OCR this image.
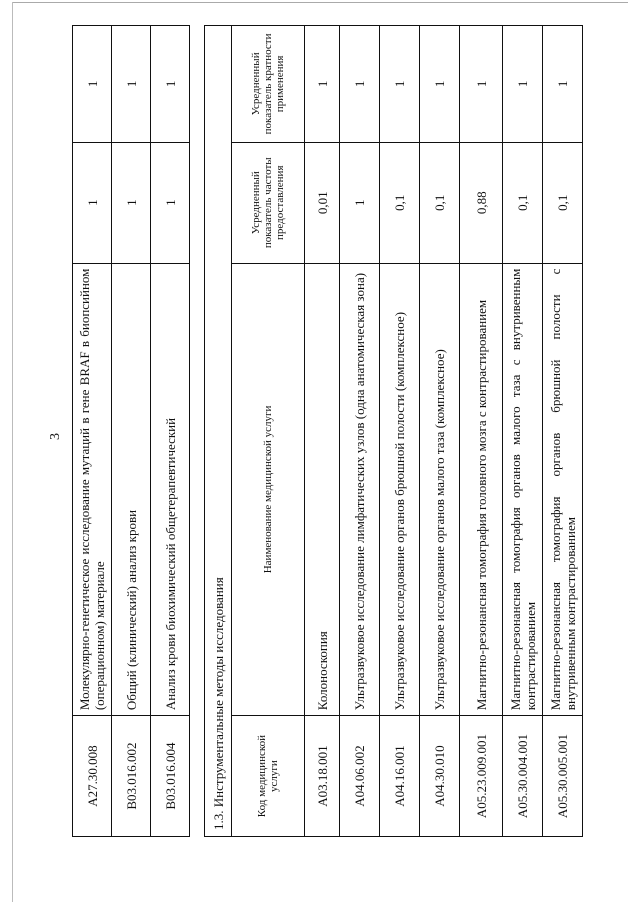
3
A27.30.008	Молекулярно-генетическое исследование мутаций в гене BRAF в биопсийном (операционном) материале	1	1
B03.016.002	Общий (клинический) анализ крови	1	1
B03.016.004	Анализ крови биохимический общетерапевтический	1	1
1.3. Инструментальные методы исследования			
Код медицинской услуги	Наименование медицинской услуги	Усредненный показатель частоты предоставления	Усредненный показатель кратности применения
A03.18.001	Колоноскопия	0,01	1
A04.06.002	Ультразвуковое исследование лимфатических узлов (одна анатомическая зона)	1	1
A04.16.001	Ультразвуковое исследование органов брюшной полости (комплексное)	0,1	1
A04.30.010	Ультразвуковое исследование органов малого таза (комплексное)	0,1	1
A05.23.009.001	Магнитно-резонансная томография головного мозга с контрастированием	0,88	1
A05.30.004.001	Магнитно-резонансная томография органов малого таза с внутривенным контрастированием	0,1	1
A05.30.005.001	Магнитно-резонансная томография органов брюшной полости с внутривенным контрастированием	0,1	1
